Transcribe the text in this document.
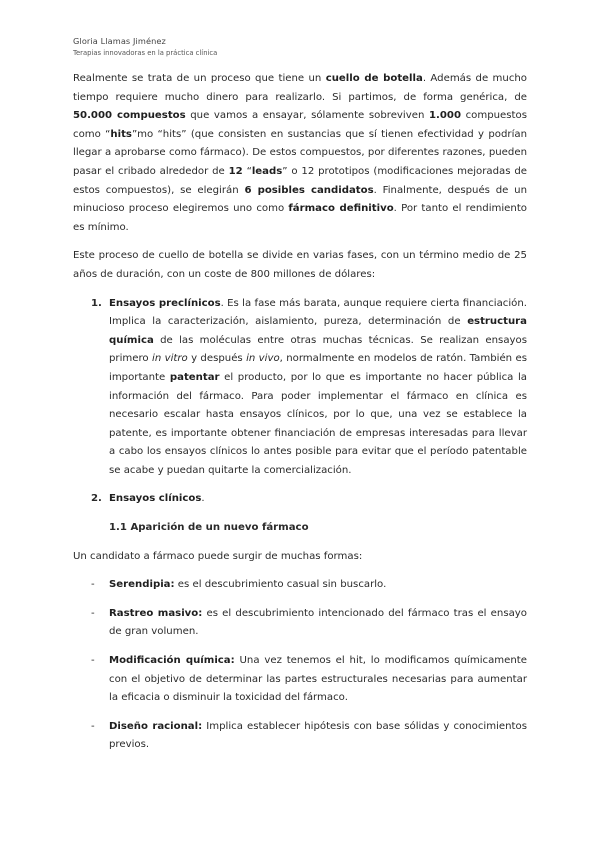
Gloria Llamas Jiménez
Terapias innovadoras en la práctica clínica

Realmente se trata de un proceso que tiene un cuello de botella. Además de mucho tiempo requiere mucho dinero para realizarlo. Si partimos, de forma genérica, de 50.000 compuestos que vamos a ensayar, sólamente sobreviven 1.000 compuestos como “hits”mo “hits” (que consisten en sustancias que sí tienen efectividad y podrían llegar a aprobarse como fármaco). De estos compuestos, por diferentes razones, pueden pasar el cribado alrededor de 12 “leads” o 12 prototipos (modificaciones mejoradas de estos compuestos), se elegirán 6 posibles candidatos. Finalmente, después de un minucioso proceso elegiremos uno como fármaco definitivo. Por tanto el rendimiento es mínimo.

Este proceso de cuello de botella se divide en varias fases, con un término medio de 25 años de duración, con un coste de 800 millones de dólares:

1. Ensayos preclínicos. Es la fase más barata, aunque requiere cierta financiación. Implica la caracterización, aislamiento, pureza, determinación de estructura química de las moléculas entre otras muchas técnicas. Se realizan ensayos primero in vitro y después in vivo, normalmente en modelos de ratón. También es importante patentar el producto, por lo que es importante no hacer pública la información del fármaco. Para poder implementar el fármaco en clínica es necesario escalar hasta ensayos clínicos, por lo que, una vez se establece la patente, es importante obtener financiación de empresas interesadas para llevar a cabo los ensayos clínicos lo antes posible para evitar que el período patentable se acabe y puedan quitarte la comercialización.

2. Ensayos clínicos.

1.1 Aparición de un nuevo fármaco

Un candidato a fármaco puede surgir de muchas formas:

- Serendipia: es el descubrimiento casual sin buscarlo.

- Rastreo masivo: es el descubrimiento intencionado del fármaco tras el ensayo de gran volumen.

- Modificación química: Una vez tenemos el hit, lo modificamos químicamente con el objetivo de determinar las partes estructurales necesarias para aumentar la eficacia o disminuir la toxicidad del fármaco.

- Diseño racional: Implica establecer hipótesis con base sólidas y conocimientos previos.
